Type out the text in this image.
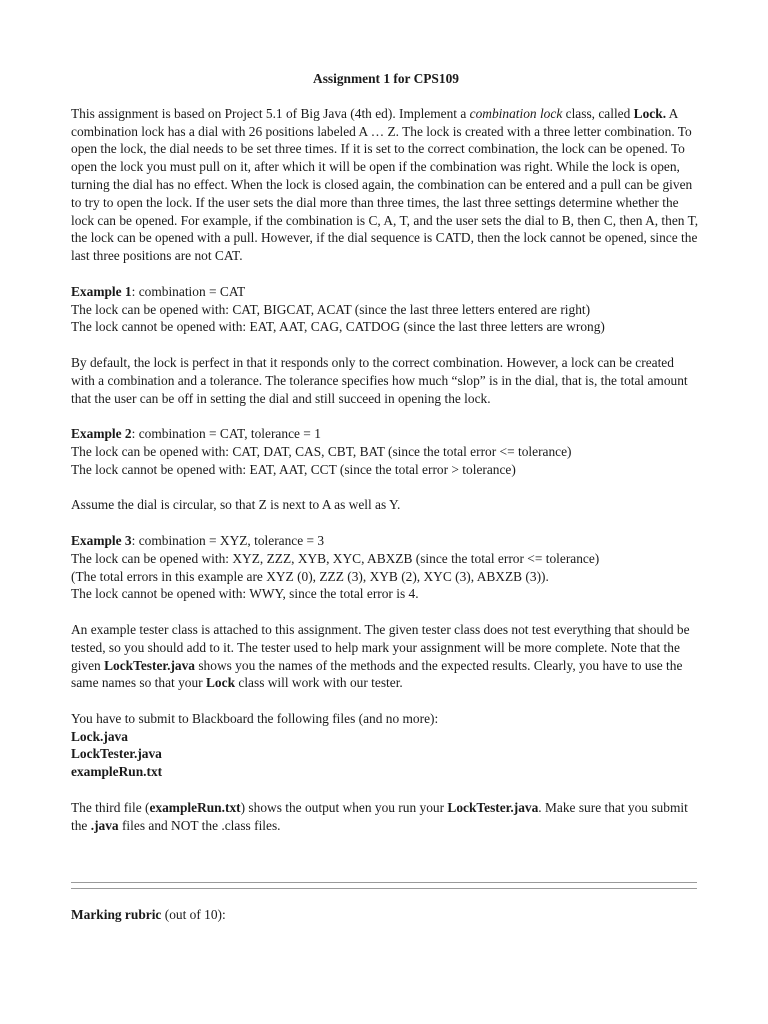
Assignment 1 for CPS109

This assignment is based on Project 5.1 of Big Java (4th ed). Implement a combination lock class, called Lock. A combination lock has a dial with 26 positions labeled A … Z. The lock is created with a three letter combination. To open the lock, the dial needs to be set three times. If it is set to the correct combination, the lock can be opened. To open the lock you must pull on it, after which it will be open if the combination was right. While the lock is open, turning the dial has no effect. When the lock is closed again, the combination can be entered and a pull can be given to try to open the lock. If the user sets the dial more than three times, the last three settings determine whether the lock can be opened. For example, if the combination is C, A, T, and the user sets the dial to B, then C, then A, then T, the lock can be opened with a pull. However, if the dial sequence is CATD, then the lock cannot be opened, since the last three positions are not CAT.

Example 1: combination = CAT

The lock can be opened with: CAT, BIGCAT, ACAT (since the last three letters entered are right)

The lock cannot be opened with: EAT, AAT, CAG, CATDOG (since the last three letters are wrong)

By default, the lock is perfect in that it responds only to the correct combination. However, a lock can be created with a combination and a tolerance. The tolerance specifies how much “slop” is in the dial, that is, the total amount that the user can be off in setting the dial and still succeed in opening the lock.

Example 2: combination = CAT, tolerance = 1

The lock can be opened with: CAT, DAT, CAS, CBT, BAT (since the total error <= tolerance)

The lock cannot be opened with: EAT, AAT, CCT (since the total error > tolerance)

Assume the dial is circular, so that Z is next to A as well as Y.

Example 3: combination = XYZ, tolerance = 3

The lock can be opened with: XYZ, ZZZ, XYB, XYC, ABXZB (since the total error <= tolerance)

(The total errors in this example are XYZ (0), ZZZ (3), XYB (2), XYC (3), ABXZB (3)).

The lock cannot be opened with: WWY, since the total error is 4.

An example tester class is attached to this assignment. The given tester class does not test everything that should be tested, so you should add to it. The tester used to help mark your assignment will be more complete. Note that the given LockTester.java shows you the names of the methods and the expected results. Clearly, you have to use the same names so that your Lock class will work with our tester.

You have to submit to Blackboard the following files (and no more):

Lock.java

LockTester.java

exampleRun.txt

The third file (exampleRun.txt) shows the output when you run your LockTester.java. Make sure that you submit the .java files and NOT the .class files.

Marking rubric (out of 10):
